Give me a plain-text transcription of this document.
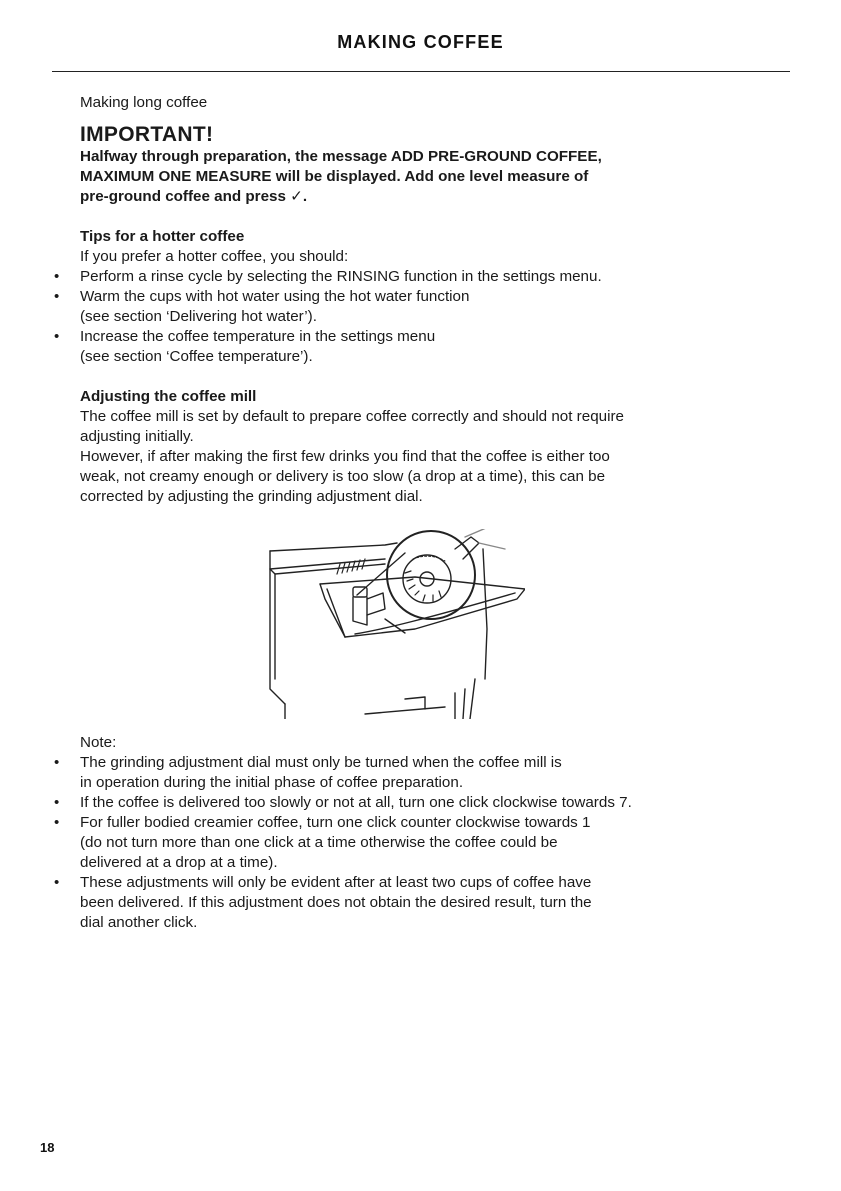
MAKING COFFEE

Making long coffee

IMPORTANT!
Halfway through preparation, the message ADD PRE-GROUND COFFEE,
MAXIMUM ONE MEASURE will be displayed. Add one level measure of
pre-ground coffee and press ✓.

Tips for a hotter coffee

If you prefer a hotter coffee, you should:

• Perform a rinse cycle by selecting the RINSING function in the settings menu.
• Warm the cups with hot water using the hot water function
(see section ‘Delivering hot water’).
• Increase the coffee temperature in the settings menu
(see section ‘Coffee temperature’).

Adjusting the coffee mill

The coffee mill is set by default to prepare coffee correctly and should not require
adjusting initially.
However, if after making the first few drinks you find that the coffee is either too
weak, not creamy enough or delivery is too slow (a drop at a time), this can be
corrected by adjusting the grinding adjustment dial.

Note:

• The grinding adjustment dial must only be turned when the coffee mill is
in operation during the initial phase of coffee preparation.
• If the coffee is delivered too slowly or not at all, turn one click clockwise towards 7.
• For fuller bodied creamier coffee, turn one click counter clockwise towards 1
(do not turn more than one click at a time otherwise the coffee could be
delivered at a drop at a time).
• These adjustments will only be evident after at least two cups of coffee have
been delivered. If this adjustment does not obtain the desired result, turn the
dial another click.
18
